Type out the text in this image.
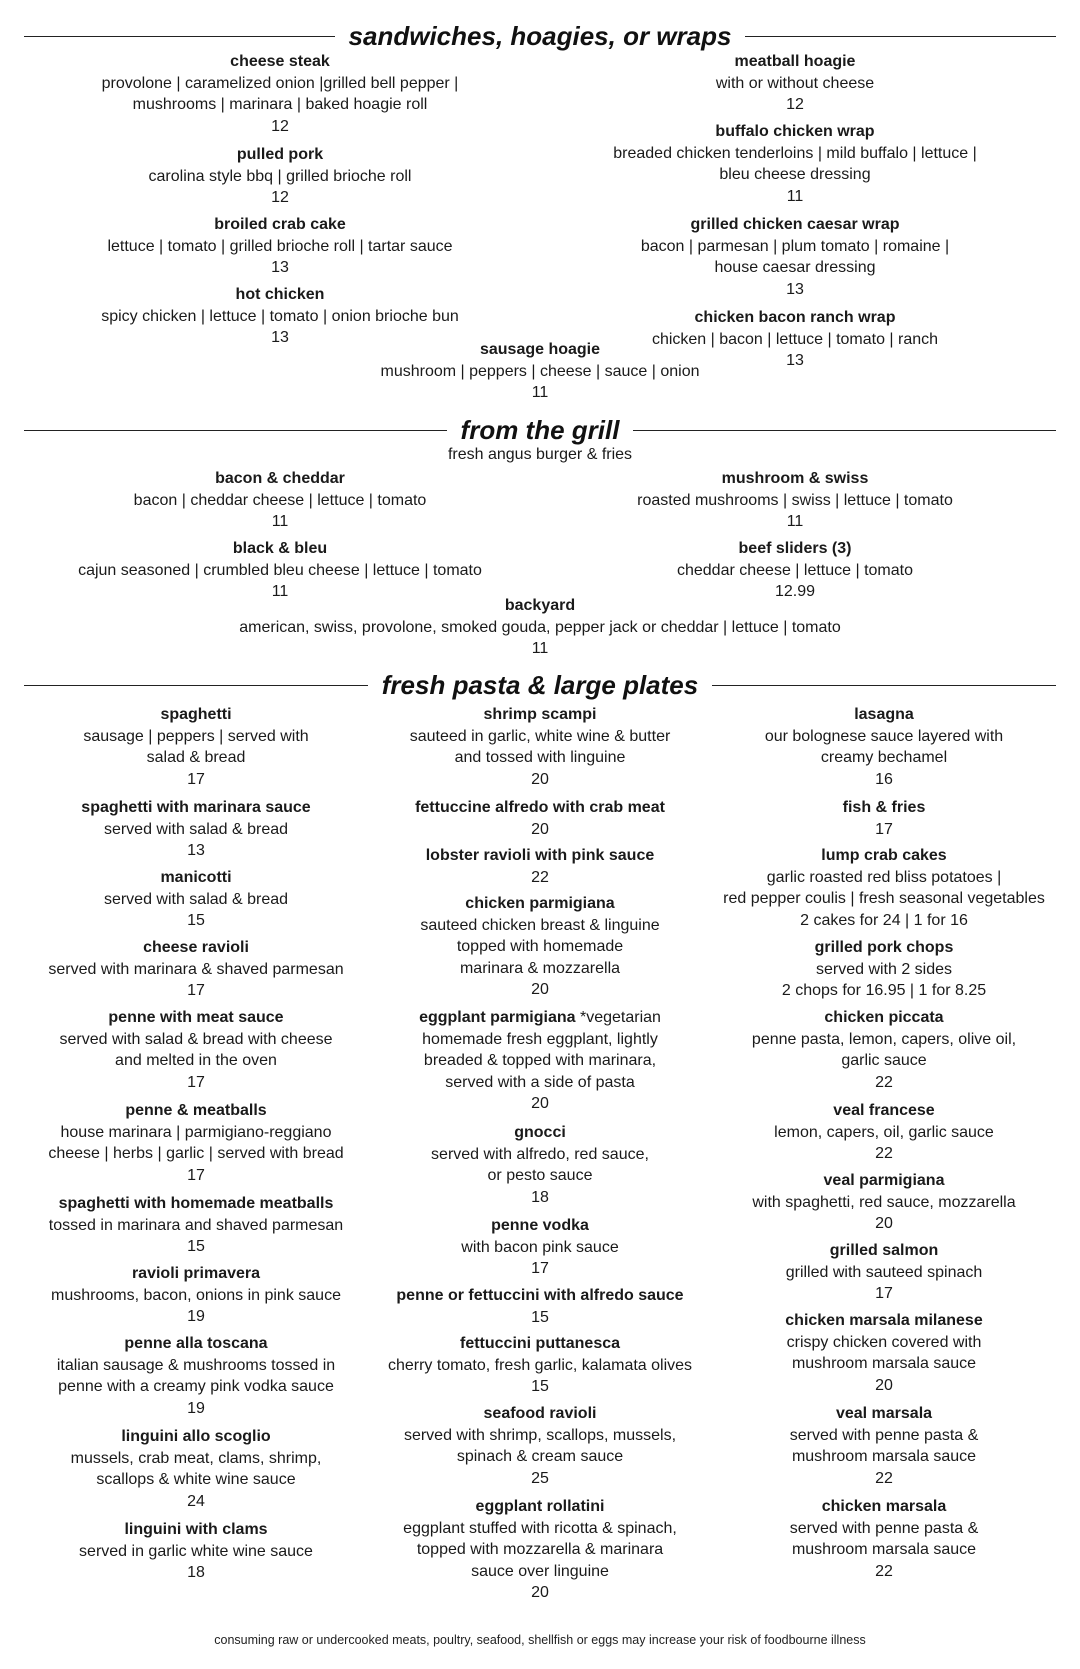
sandwiches, hoagies, or wraps
cheese steak
provolone | caramelized onion |grilled bell pepper |
mushrooms | marinara | baked hoagie roll
12
pulled pork
carolina style bbq | grilled brioche roll
12
broiled crab cake
lettuce | tomato | grilled brioche roll | tartar sauce
13
hot chicken
spicy chicken | lettuce | tomato | onion brioche bun
13
meatball hoagie
with or without cheese
12
buffalo chicken wrap
breaded chicken tenderloins | mild buffalo | lettuce |
bleu cheese dressing
11
grilled chicken caesar wrap
bacon | parmesan | plum tomato | romaine |
house caesar dressing
13
chicken bacon ranch wrap
chicken | bacon | lettuce | tomato | ranch
13
sausage hoagie
mushroom | peppers | cheese | sauce | onion
11
from the grill
fresh angus burger & fries
bacon & cheddar
bacon | cheddar cheese | lettuce | tomato
11
black & bleu
cajun seasoned | crumbled bleu cheese | lettuce | tomato
11
mushroom & swiss
roasted mushrooms | swiss | lettuce | tomato
11
beef sliders (3)
cheddar cheese | lettuce | tomato
12.99
backyard
american, swiss, provolone, smoked gouda, pepper jack or cheddar | lettuce | tomato
11
fresh pasta & large plates
spaghetti
sausage | peppers | served with
salad & bread
17
spaghetti with marinara sauce
served with salad & bread
13
manicotti
served with salad & bread
15
cheese ravioli
served with marinara & shaved parmesan
17
penne with meat sauce
served with salad & bread with cheese
and melted in the oven
17
penne & meatballs
house marinara | parmigiano-reggiano
cheese | herbs | garlic | served with bread
17
spaghetti with homemade meatballs
tossed in marinara and shaved parmesan
15
ravioli primavera
mushrooms, bacon, onions in pink sauce
19
penne alla toscana
italian sausage & mushrooms tossed in
penne with a creamy pink vodka sauce
19
linguini allo scoglio
mussels, crab meat, clams, shrimp,
scallops & white wine sauce
24
linguini with clams
served in garlic white wine sauce
18
shrimp scampi
sauteed in garlic, white wine & butter
and tossed with linguine
20
fettuccine alfredo with crab meat
20
lobster ravioli with pink sauce
22
chicken parmigiana
sauteed chicken breast & linguine
topped with homemade
marinara & mozzarella
20
eggplant parmigiana *vegetarian
homemade fresh eggplant, lightly
breaded & topped with marinara,
served with a side of pasta
20
gnocci
served with alfredo, red sauce,
or pesto sauce
18
penne vodka
with bacon pink sauce
17
penne or fettuccini with alfredo sauce
15
fettuccini puttanesca
cherry tomato, fresh garlic, kalamata olives
15
seafood ravioli
served with shrimp, scallops, mussels,
spinach & cream sauce
25
eggplant rollatini
eggplant stuffed with ricotta & spinach,
topped with mozzarella & marinara
sauce over linguine
20
lasagna
our bolognese sauce layered with
creamy bechamel
16
fish & fries
17
lump crab cakes
garlic roasted red bliss potatoes |
red pepper coulis | fresh seasonal vegetables
2 cakes for 24 | 1 for 16
grilled pork chops
served with 2 sides
2 chops for 16.95 | 1 for 8.25
chicken piccata
penne pasta, lemon, capers, olive oil,
garlic sauce
22
veal francese
lemon, capers, oil, garlic sauce
22
veal parmigiana
with spaghetti, red sauce, mozzarella
20
grilled salmon
grilled with sauteed spinach
17
chicken marsala milanese
crispy chicken covered with
mushroom marsala sauce
20
veal marsala
served with penne pasta &
mushroom marsala sauce
22
chicken marsala
served with penne pasta &
mushroom marsala sauce
22
consuming raw or undercooked meats, poultry, seafood, shellfish or eggs may increase your risk of foodbourne illness
